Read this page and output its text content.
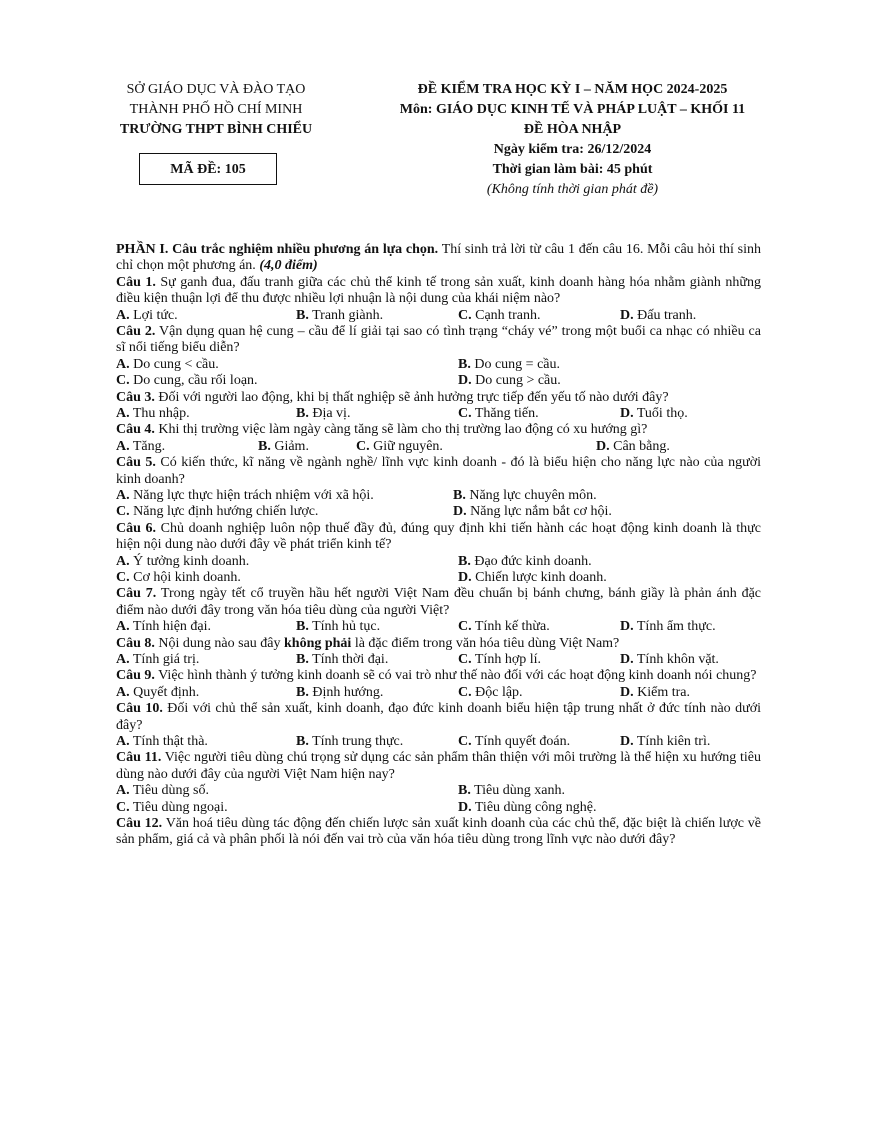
SỞ GIÁO DỤC VÀ ĐÀO TẠO
THÀNH PHỐ HỒ CHÍ MINH
TRƯỜNG THPT BÌNH CHIỂU
MÃ ĐỀ: 105
ĐỀ KIỂM TRA HỌC KỲ I – NĂM HỌC 2024-2025
Môn: GIÁO DỤC KINH TẾ VÀ PHÁP LUẬT – KHỐI 11
ĐỀ HÒA NHẬP
Ngày kiểm tra: 26/12/2024
Thời gian làm bài: 45 phút
(Không tính thời gian phát đề)

PHẦN I. Câu trắc nghiệm nhiều phương án lựa chọn. Thí sinh trả lời từ câu 1 đến câu 16. Mỗi câu hỏi thí sinh chỉ chọn một phương án. (4,0 điểm)

Câu 1. Sự ganh đua, đấu tranh giữa các chủ thể kinh tế trong sản xuất, kinh doanh hàng hóa nhằm giành những điều kiện thuận lợi để thu được nhiều lợi nhuận là nội dung của khái niệm nào?

A. Lợi tức.	B. Tranh giành.	C. Cạnh tranh.	D. Đấu tranh.

Câu 2. Vận dụng quan hệ cung – cầu để lí giải tại sao có tình trạng “cháy vé” trong một buổi ca nhạc có nhiều ca sĩ nổi tiếng biểu diễn?

A. Do cung < cầu.	B. Do cung = cầu.
C. Do cung, cầu rối loạn.	D. Do cung > cầu.

Câu 3. Đối với người lao động, khi bị thất nghiệp sẽ ảnh hưởng trực tiếp đến yếu tố nào dưới đây?

A. Thu nhập.	B. Địa vị.	C. Thăng tiến.	D. Tuổi thọ.

Câu 4. Khi thị trường việc làm ngày càng tăng sẽ làm cho thị trường lao động có xu hướng gì?

A. Tăng.	B. Giảm.	C. Giữ nguyên.	D. Cân bằng.

Câu 5. Có kiến thức, kĩ năng về ngành nghề/ lĩnh vực kinh doanh - đó là biểu hiện cho năng lực nào của người kinh doanh?

A. Năng lực thực hiện trách nhiệm với xã hội.	B. Năng lực chuyên môn.
C. Năng lực định hướng chiến lược.	D. Năng lực nắm bắt cơ hội.

Câu 6. Chủ doanh nghiệp luôn nộp thuế đầy đủ, đúng quy định khi tiến hành các hoạt động kinh doanh là thực hiện nội dung nào dưới đây về phát triển kinh tế?

A. Ý tưởng kinh doanh.	B. Đạo đức kinh doanh.
C. Cơ hội kinh doanh.	D. Chiến lược kinh doanh.

Câu 7. Trong ngày tết cổ truyền hầu hết người Việt Nam đều chuẩn bị bánh chưng, bánh giầy là phản ánh đặc điểm nào dưới đây trong văn hóa tiêu dùng của người Việt?

A. Tính hiện đại.	B. Tính hủ tục.	C. Tính kế thừa.	D. Tính ẩm thực.

Câu 8. Nội dung nào sau đây không phải là đặc điểm trong văn hóa tiêu dùng Việt Nam?

A. Tính giá trị.	B. Tính thời đại.	C. Tính hợp lí.	D. Tính khôn vặt.

Câu 9. Việc hình thành ý tưởng kinh doanh sẽ có vai trò như thế nào đối với các hoạt động kinh doanh nói chung?

A. Quyết định.	B. Định hướng.	C. Độc lập.	D. Kiểm tra.

Câu 10. Đối với chủ thể sản xuất, kinh doanh, đạo đức kinh doanh biểu hiện tập trung nhất ở đức tính nào dưới đây?

A. Tính thật thà.	B. Tính trung thực.	C. Tính quyết đoán.	D. Tính kiên trì.

Câu 11. Việc người tiêu dùng chú trọng sử dụng các sản phẩm thân thiện với môi trường là thể hiện xu hướng tiêu dùng nào dưới đây của người Việt Nam hiện nay?

A. Tiêu dùng số.	B. Tiêu dùng xanh.
C. Tiêu dùng ngoại.	D. Tiêu dùng công nghệ.

Câu 12. Văn hoá tiêu dùng tác động đến chiến lược sản xuất kinh doanh của các chủ thể, đặc biệt là chiến lược về sản phẩm, giá cả và phân phối là nói đến vai trò của văn hóa tiêu dùng trong lĩnh vực nào dưới đây?
